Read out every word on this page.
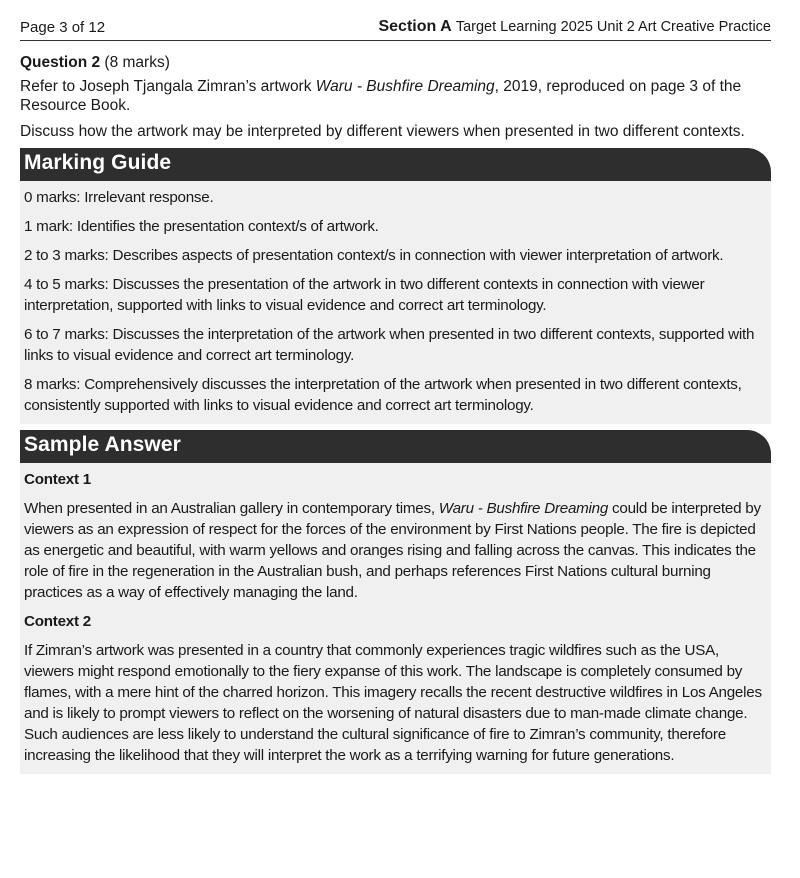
Page 3 of 12	Section A Target Learning 2025 Unit 2 Art Creative Practice
Question 2 (8 marks)

Refer to Joseph Tjangala Zimran’s artwork Waru - Bushfire Dreaming, 2019, reproduced on page 3 of the Resource Book.

Discuss how the artwork may be interpreted by different viewers when presented in two different contexts.

Marking Guide

0 marks: Irrelevant response.

1 mark: Identifies the presentation context/s of artwork.

2 to 3 marks: Describes aspects of presentation context/s in connection with viewer interpretation of artwork.

4 to 5 marks: Discusses the presentation of the artwork in two different contexts in connection with viewer interpretation, supported with links to visual evidence and correct art terminology.

6 to 7 marks: Discusses the interpretation of the artwork when presented in two different contexts, supported with links to visual evidence and correct art terminology.

8 marks: Comprehensively discusses the interpretation of the artwork when presented in two different contexts, consistently supported with links to visual evidence and correct art terminology.

Sample Answer

Context 1

When presented in an Australian gallery in contemporary times, Waru - Bushfire Dreaming could be interpreted by viewers as an expression of respect for the forces of the environment by First Nations people. The fire is depicted as energetic and beautiful, with warm yellows and oranges rising and falling across the canvas. This indicates the role of fire in the regeneration in the Australian bush, and perhaps references First Nations cultural burning practices as a way of effectively managing the land.

Context 2

If Zimran’s artwork was presented in a country that commonly experiences tragic wildfires such as the USA, viewers might respond emotionally to the fiery expanse of this work. The landscape is completely consumed by flames, with a mere hint of the charred horizon. This imagery recalls the recent destructive wildfires in Los Angeles and is likely to prompt viewers to reflect on the worsening of natural disasters due to man-made climate change. Such audiences are less likely to understand the cultural significance of fire to Zimran’s community, therefore increasing the likelihood that they will interpret the work as a terrifying warning for future generations.
